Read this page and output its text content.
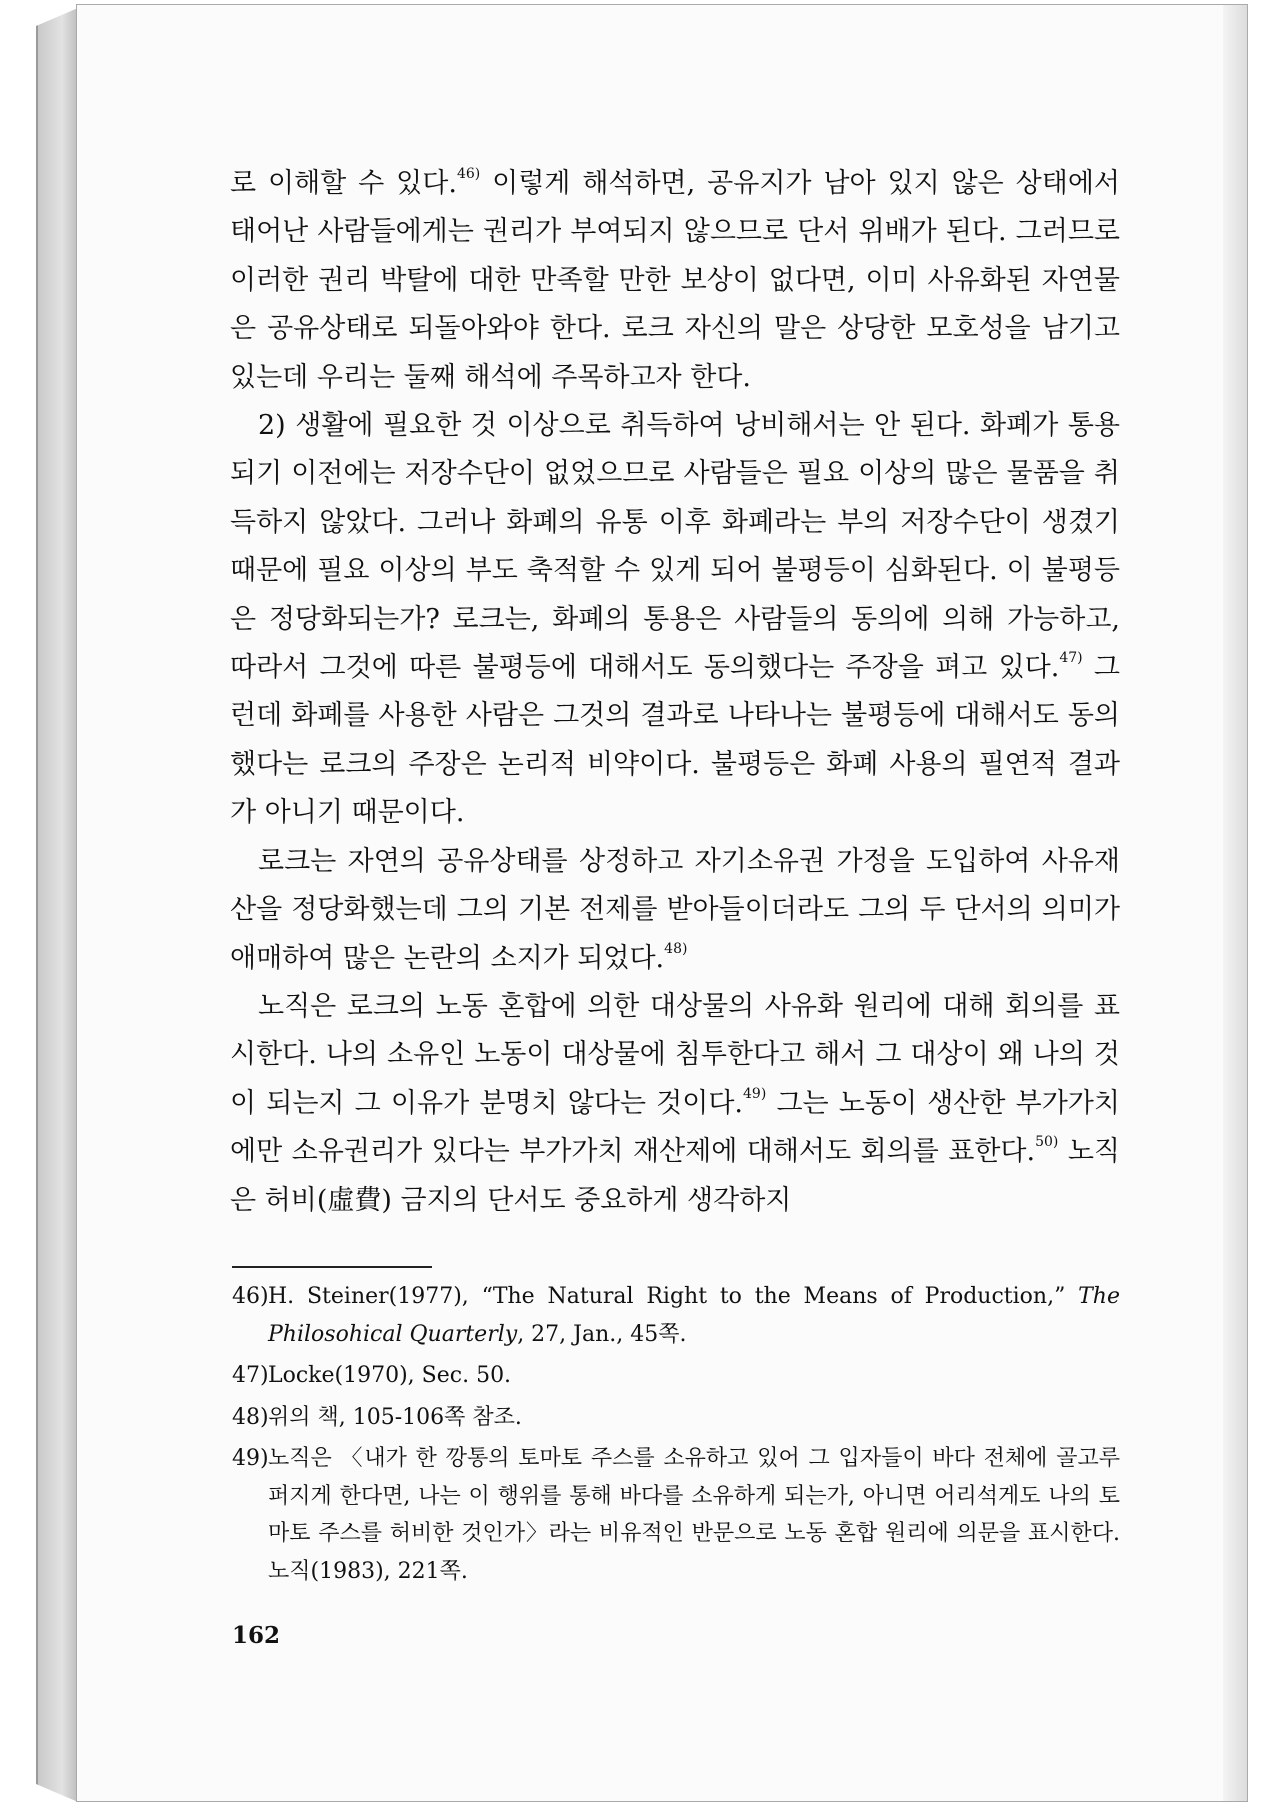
로 이해할 수 있다.$^{46)}$ 이렇게 해석하면, 공유지가 남아 있지 않은 상태에서 태어난 사람들에게는 권리가 부여되지 않으므로 단서 위배가 된다. 그러므로 이러한 권리 박탈에 대한 만족할 만한 보상이 없다면, 이미 사유화된 자연물은 공유상태로 되돌아와야 한다. 로크 자신의 말은 상당한 모호성을 남기고 있는데 우리는 둘째 해석에 주목하고자 한다.

2) 생활에 필요한 것 이상으로 취득하여 낭비해서는 안 된다. 화폐가 통용되기 이전에는 저장수단이 없었으므로 사람들은 필요 이상의 많은 물품을 취득하지 않았다. 그러나 화폐의 유통 이후 화폐라는 부의 저장수단이 생겼기 때문에 필요 이상의 부도 축적할 수 있게 되어 불평등이 심화된다. 이 불평등은 정당화되는가? 로크는, 화폐의 통용은 사람들의 동의에 의해 가능하고, 따라서 그것에 따른 불평등에 대해서도 동의했다는 주장을 펴고 있다.$^{47)}$ 그런데 화폐를 사용한 사람은 그것의 결과로 나타나는 불평등에 대해서도 동의했다는 로크의 주장은 논리적 비약이다. 불평등은 화폐 사용의 필연적 결과가 아니기 때문이다.

로크는 자연의 공유상태를 상정하고 자기소유권 가정을 도입하여 사유재산을 정당화했는데 그의 기본 전제를 받아들이더라도 그의 두 단서의 의미가 애매하여 많은 논란의 소지가 되었다.$^{48)}$

노직은 로크의 노동 혼합에 의한 대상물의 사유화 원리에 대해 회의를 표시한다. 나의 소유인 노동이 대상물에 침투한다고 해서 그 대상이 왜 나의 것이 되는지 그 이유가 분명치 않다는 것이다.$^{49)}$ 그는 노동이 생산한 부가가치에만 소유권리가 있다는 부가가치 재산제에 대해서도 회의를 표한다.$^{50)}$ 노직은 허비(虛費) 금지의 단서도 중요하게 생각하지

46) H. Steiner(1977), “The Natural Right to the Means of Production,” The Philosohical Quarterly, 27, Jan., 45쪽.
47) Locke(1970), Sec. 50.
48) 위의 책, 105-106쪽 참조.
49) 노직은 〈내가 한 깡통의 토마토 주스를 소유하고 있어 그 입자들이 바다 전체에 골고루 퍼지게 한다면, 나는 이 행위를 통해 바다를 소유하게 되는가, 아니면 어리석게도 나의 토마토 주스를 허비한 것인가〉라는 비유적인 반문으로 노동 혼합 원리에 의문을 표시한다. 노직(1983), 221쪽.
162
